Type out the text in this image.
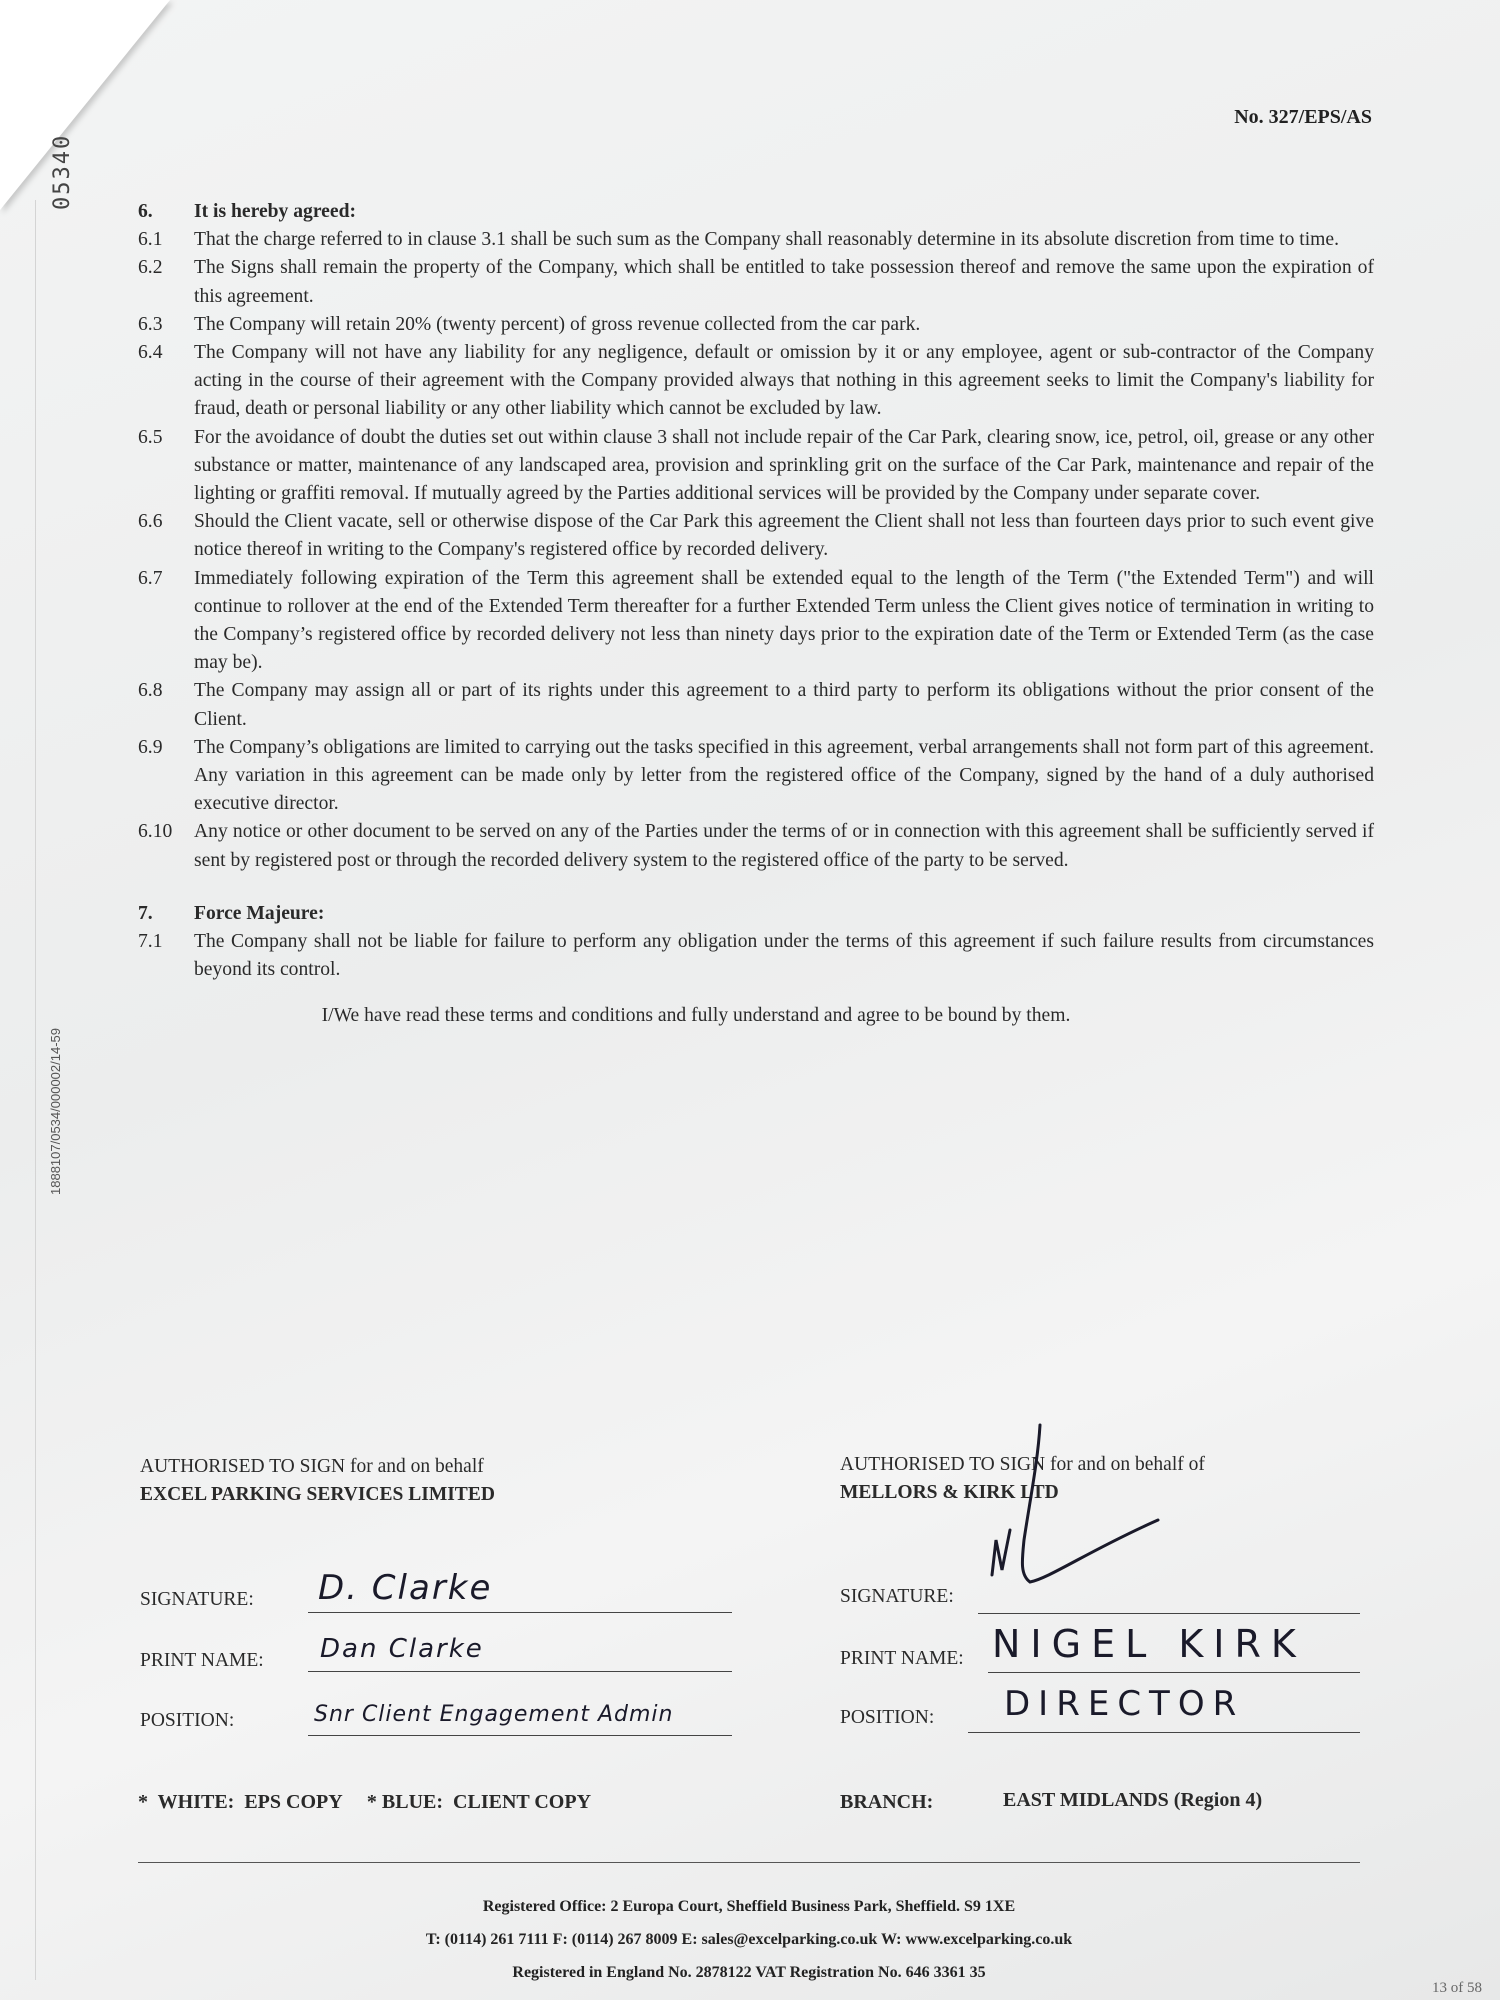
05340
1888107/0534/000002/14-59
No. 327/EPS/AS
6.	It is hereby agreed:
6.1	That the charge referred to in clause 3.1 shall be such sum as the Company shall reasonably determine in its absolute discretion from time to time.
6.2	The Signs shall remain the property of the Company, which shall be entitled to take possession thereof and remove the same upon the expiration of this agreement.
6.3	The Company will retain 20% (twenty percent) of gross revenue collected from the car park.
6.4	The Company will not have any liability for any negligence, default or omission by it or any employee, agent or sub-contractor of the Company acting in the course of their agreement with the Company provided always that nothing in this agreement seeks to limit the Company's liability for fraud, death or personal liability or any other liability which cannot be excluded by law.
6.5	For the avoidance of doubt the duties set out within clause 3 shall not include repair of the Car Park, clearing snow, ice, petrol, oil, grease or any other substance or matter, maintenance of any landscaped area, provision and sprinkling grit on the surface of the Car Park, maintenance and repair of the lighting or graffiti removal. If mutually agreed by the Parties additional services will be provided by the Company under separate cover.
6.6	Should the Client vacate, sell or otherwise dispose of the Car Park this agreement the Client shall not less than fourteen days prior to such event give notice thereof in writing to the Company's registered office by recorded delivery.
6.7	Immediately following expiration of the Term this agreement shall be extended equal to the length of the Term ("the Extended Term") and will continue to rollover at the end of the Extended Term thereafter for a further Extended Term unless the Client gives notice of termination in writing to the Company’s registered office by recorded delivery not less than ninety days prior to the expiration date of the Term or Extended Term (as the case may be).
6.8	The Company may assign all or part of its rights under this agreement to a third party to perform its obligations without the prior consent of the Client.
6.9	The Company’s obligations are limited to carrying out the tasks specified in this agreement, verbal arrangements shall not form part of this agreement. Any variation in this agreement can be made only by letter from the registered office of the Company, signed by the hand of a duly authorised executive director.
6.10	Any notice or other document to be served on any of the Parties under the terms of or in connection with this agreement shall be sufficiently served if sent by registered post or through the recorded delivery system to the registered office of the party to be served.
7.	Force Majeure:
7.1	The Company shall not be liable for failure to perform any obligation under the terms of this agreement if such failure results from circumstances beyond its control.
I/We have read these terms and conditions and fully understand and agree to be bound by them.
AUTHORISED TO SIGN for and on behalf
EXCEL PARKING SERVICES LIMITED
SIGNATURE: D. Clarke
PRINT NAME: Dan Clarke
POSITION:	Snr Client Engagement Admin
AUTHORISED TO SIGN for and on behalf of
MELLORS & KIRK LTD
SIGNATURE:
PRINT NAME: NIGEL KIRK
POSITION: DIRECTOR
*  WHITE:  EPS COPY     * BLUE:  CLIENT COPY	BRANCH:	EAST MIDLANDS (Region 4)
Registered Office: 2 Europa Court, Sheffield Business Park, Sheffield. S9 1XE
T: (0114) 261 7111 F: (0114) 267 8009 E: sales@excelparking.co.uk W: www.excelparking.co.uk
Registered in England No. 2878122 VAT Registration No. 646 3361 35
13 of 58
